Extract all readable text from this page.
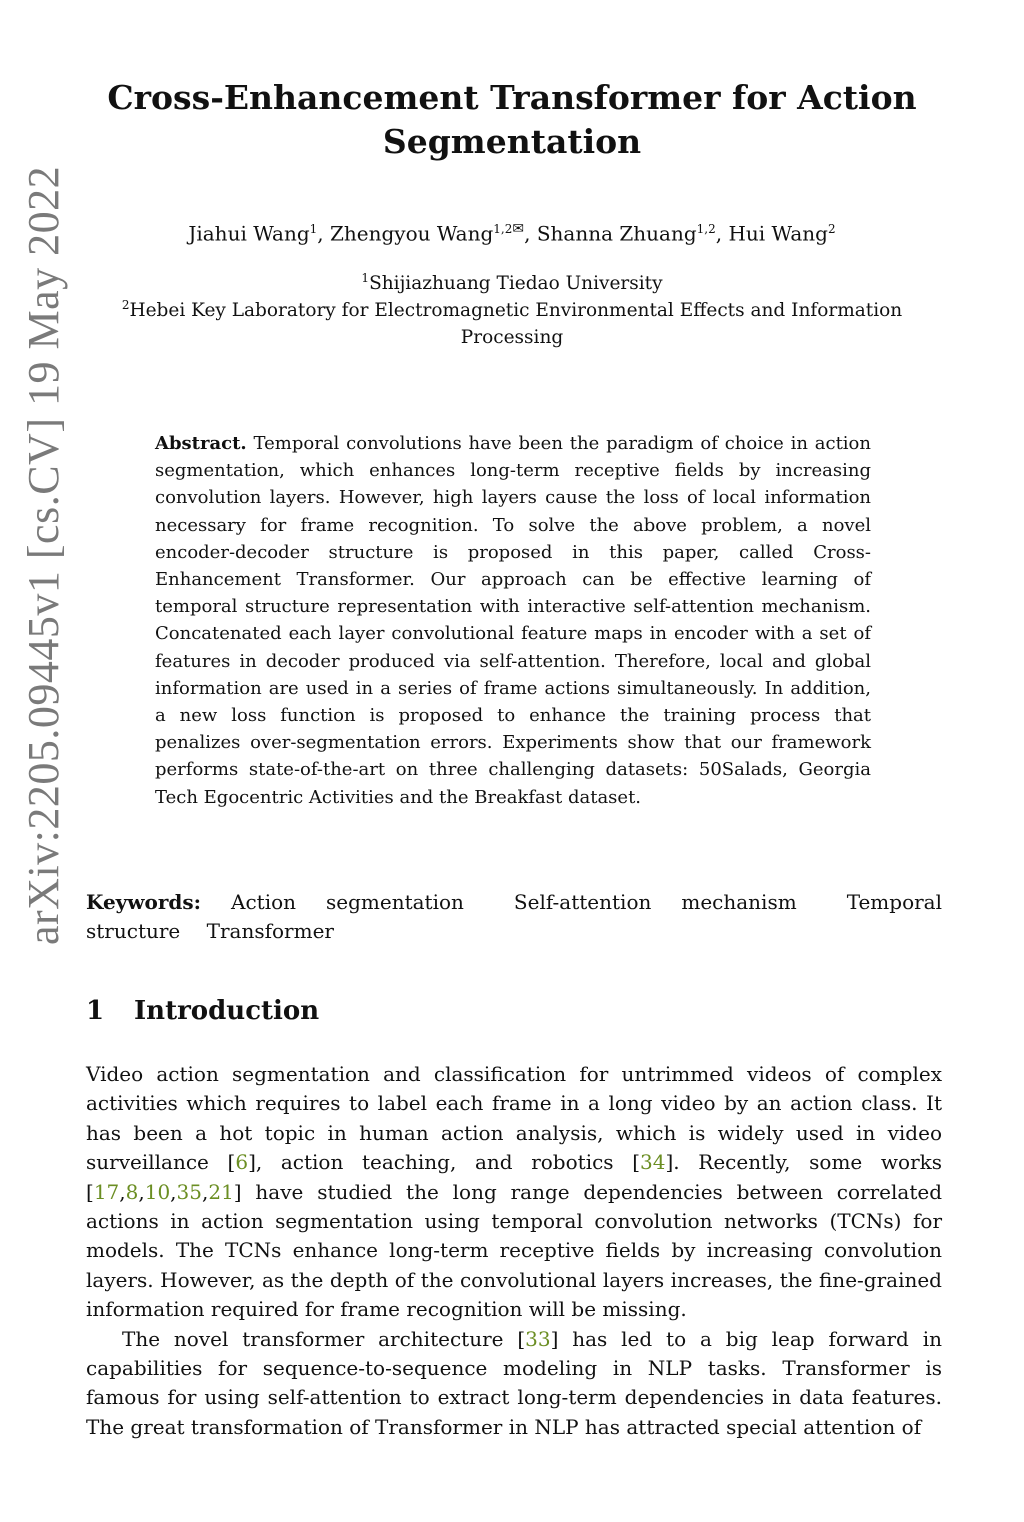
arXiv:2205.09445v1 [cs.CV] 19 May 2022
Cross-Enhancement Transformer for Action Segmentation
Jiahui Wang$^1$, Zhengyou Wang$^{1,2✉}$, Shanna Zhuang$^{1,2}$, Hui Wang$^2$
$^1$Shijiazhuang Tiedao University
$^2$Hebei Key Laboratory for Electromagnetic Environmental Effects and Information Processing
Abstract. Temporal convolutions have been the paradigm of choice in action segmentation, which enhances long-term receptive fields by increasing convolution layers. However, high layers cause the loss of local information necessary for frame recognition. To solve the above problem, a novel encoder-decoder structure is proposed in this paper, called Cross-Enhancement Transformer. Our approach can be effective learning of temporal structure representation with interactive self-attention mechanism. Concatenated each layer convolutional feature maps in encoder with a set of features in decoder produced via self-attention. Therefore, local and global information are used in a series of frame actions simultaneously. In addition, a new loss function is proposed to enhance the training process that penalizes over-segmentation errors. Experiments show that our framework performs state-of-the-art on three challenging datasets: 50Salads, Georgia Tech Egocentric Activities and the Breakfast dataset.
Keywords: Action segmentation	Self-attention mechanism	Temporal structure Transformer
1 Introduction

Video action segmentation and classification for untrimmed videos of complex activities which requires to label each frame in a long video by an action class. It has been a hot topic in human action analysis, which is widely used in video surveillance [6], action teaching, and robotics [34]. Recently, some works [17,8,10,35,21] have studied the long range dependencies between correlated actions in action segmentation using temporal convolution networks (TCNs) for models. The TCNs enhance long-term receptive fields by increasing convolution layers. However, as the depth of the convolutional layers increases, the fine-grained information required for frame recognition will be missing.

The novel transformer architecture [33] has led to a big leap forward in capabilities for sequence-to-sequence modeling in NLP tasks. Transformer is famous for using self-attention to extract long-term dependencies in data features. The great transformation of Transformer in NLP has attracted special attention of
